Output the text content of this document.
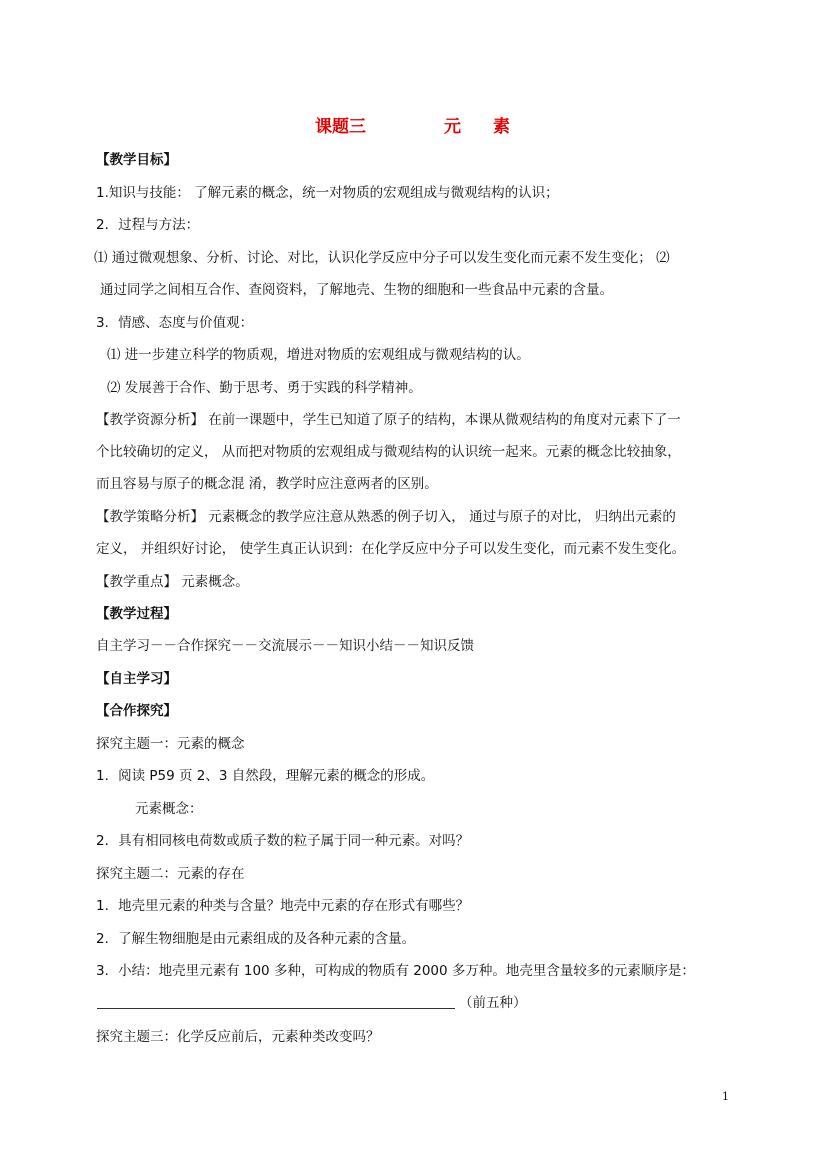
课题三	元 素
【教学目标】
1.知识与技能： 了解元素的概念，统一对物质的宏观组成与微观结构的认识；
2．过程与方法：
⑴ 通过微观想象、分析、讨论、对比，认识化学反应中分子可以发生变化而元素不发生变化； ⑵
通过同学之间相互合作、查阅资料，了解地壳、生物的细胞和一些食品中元素的含量。
3．情感、态度与价值观：
⑴ 进一步建立科学的物质观，增进对物质的宏观组成与微观结构的认。
⑵ 发展善于合作、勤于思考、勇于实践的科学精神。
【教学资源分析】 在前一课题中，学生已知道了原子的结构，本课从微观结构的角度对元素下了一
个比较确切的定义， 从而把对物质的宏观组成与微观结构的认识统一起来。元素的概念比较抽象，
而且容易与原子的概念混 淆，教学时应注意两者的区别。
【教学策略分析】 元素概念的教学应注意从熟悉的例子切入， 通过与原子的对比， 归纳出元素的
定义， 并组织好讨论， 使学生真正认识到：在化学反应中分子可以发生变化，而元素不发生变化。
【教学重点】 元素概念。
【教学过程】
自主学习－－合作探究－－交流展示－－知识小结－－知识反馈
【自主学习】
【合作探究】
探究主题一：元素的概念
1．阅读 P59 页 2、3 自然段，理解元素的概念的形成。
元素概念：
2．具有相同核电荷数或质子数的粒子属于同一种元素。对吗？
探究主题二：元素的存在
1．地壳里元素的种类与含量？地壳中元素的存在形式有哪些？
2．了解生物细胞是由元素组成的及各种元素的含量。
3．小结：地壳里元素有 100 多种，可构成的物质有 2000 多万种。地壳里含量较多的元素顺序是：
（前五种）
探究主题三：化学反应前后，元素种类改变吗？
1
